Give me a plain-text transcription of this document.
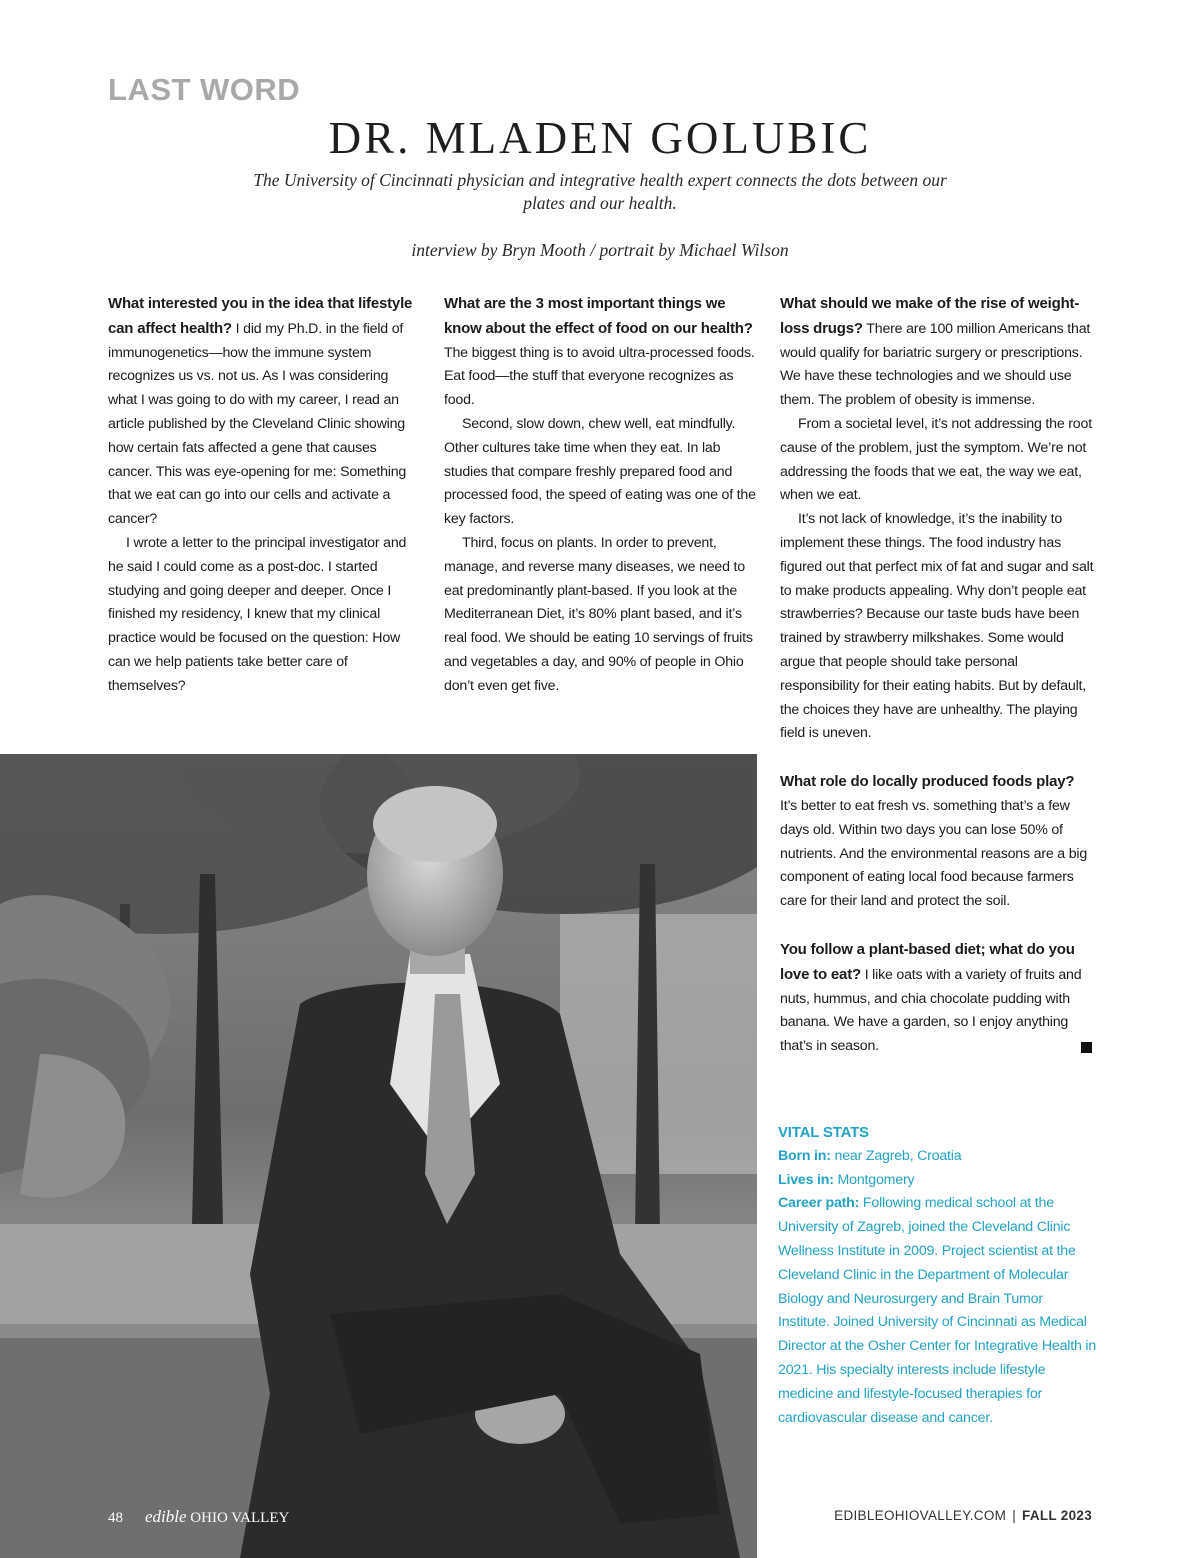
LAST WORD
DR. MLADEN GOLUBIC
The University of Cincinnati physician and integrative health expert connects the dots between our plates and our health.
interview by Bryn Mooth / portrait by Michael Wilson

What interested you in the idea that lifestyle can affect health? I did my Ph.D. in the field of immunogenetics—how the immune system recognizes us vs. not us. As I was considering what I was going to do with my career, I read an article published by the Cleveland Clinic showing how certain fats affected a gene that causes cancer. This was eye-opening for me: Something that we eat can go into our cells and activate a cancer?

I wrote a letter to the principal investigator and he said I could come as a post-doc. I started studying and going deeper and deeper. Once I finished my residency, I knew that my clinical practice would be focused on the question: How can we help patients take better care of themselves?

What are the 3 most important things we know about the effect of food on our health? The biggest thing is to avoid ultra-processed foods. Eat food—the stuff that everyone recognizes as food.

Second, slow down, chew well, eat mindfully. Other cultures take time when they eat. In lab studies that compare freshly prepared food and processed food, the speed of eating was one of the key factors.

Third, focus on plants. In order to prevent, manage, and reverse many diseases, we need to eat predominantly plant-based. If you look at the Mediterranean Diet, it’s 80% plant based, and it’s real food. We should be eating 10 servings of fruits and vegetables a day, and 90% of people in Ohio don’t even get five.

What should we make of the rise of weight-loss drugs? There are 100 million Americans that would qualify for bariatric surgery or prescriptions. We have these technologies and we should use them. The problem of obesity is immense.

From a societal level, it’s not addressing the root cause of the problem, just the symptom. We’re not addressing the foods that we eat, the way we eat, when we eat.

It’s not lack of knowledge, it’s the inability to implement these things. The food industry has figured out that perfect mix of fat and sugar and salt to make products appealing. Why don’t people eat strawberries? Because our taste buds have been trained by strawberry milkshakes. Some would argue that people should take personal responsibility for their eating habits. But by default, the choices they have are unhealthy. The playing field is uneven.

What role do locally produced foods play?

It’s better to eat fresh vs. something that’s a few days old. Within two days you can lose 50% of nutrients. And the environmental reasons are a big component of eating local food because farmers care for their land and protect the soil.

You follow a plant-based diet; what do you love to eat? I like oats with a variety of fruits and nuts, hummus, and chia chocolate pudding with banana. We have a garden, so I enjoy anything that’s in season.

VITAL STATS

Born in: near Zagreb, Croatia

Lives in: Montgomery

Career path: Following medical school at the University of Zagreb, joined the Cleveland Clinic Wellness Institute in 2009. Project scientist at the Cleveland Clinic in the Department of Molecular Biology and Neurosurgery and Brain Tumor Institute. Joined University of Cincinnati as Medical Director at the Osher Center for Integrative Health in 2021. His specialty interests include lifestyle medicine and lifestyle-focused therapies for cardiovascular disease and cancer.

48 edible OHIO VALLEY	EDIBLEOHIOVALLEY.COM | FALL 2023
